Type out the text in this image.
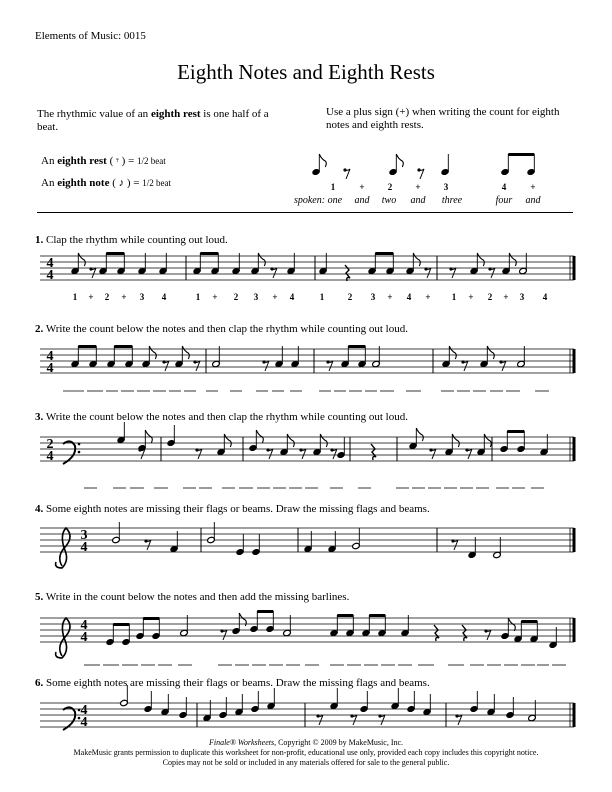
Elements of Music: 0015
Eighth Notes and Eighth Rests
The rhythmic value of an eighth rest is one half of a beat.
Use a plus sign (+) when writing the count for eighth notes and eighth rests.
An eighth rest ( 𝄾 ) = 1/2 beat
An eighth note ( ♪ ) = 1/2 beat
1. Clap the rhythm while counting out loud.
2. Write the count below the notes and then clap the rhythm while counting out loud.
3. Write the count below the notes and then clap the rhythm while counting out loud.
4. Some eighth notes are missing their flags or beams. Draw the missing flags and beams.
5. Write in the count below the notes and then add the missing barlines.
6. Some eighth notes are missing their flags or beams. Draw the missing flags and beams.
1	+	2	+	3	4	+
spoken: one and two and three	four and
4
4
1 + 2 + 3 4	1 + 2 3 + 4	1	2 3 + 4 + 1 + 2 + 3 4
4
4
2
4
3
4
4
4
4
4
Finale® Worksheets, Copyright © 2009 by MakeMusic, Inc.
MakeMusic grants permission to duplicate this worksheet for non-profit, educational use only, provided each copy includes this copyright notice.
Copies may not be sold or included in any materials offered for sale to the general public.
